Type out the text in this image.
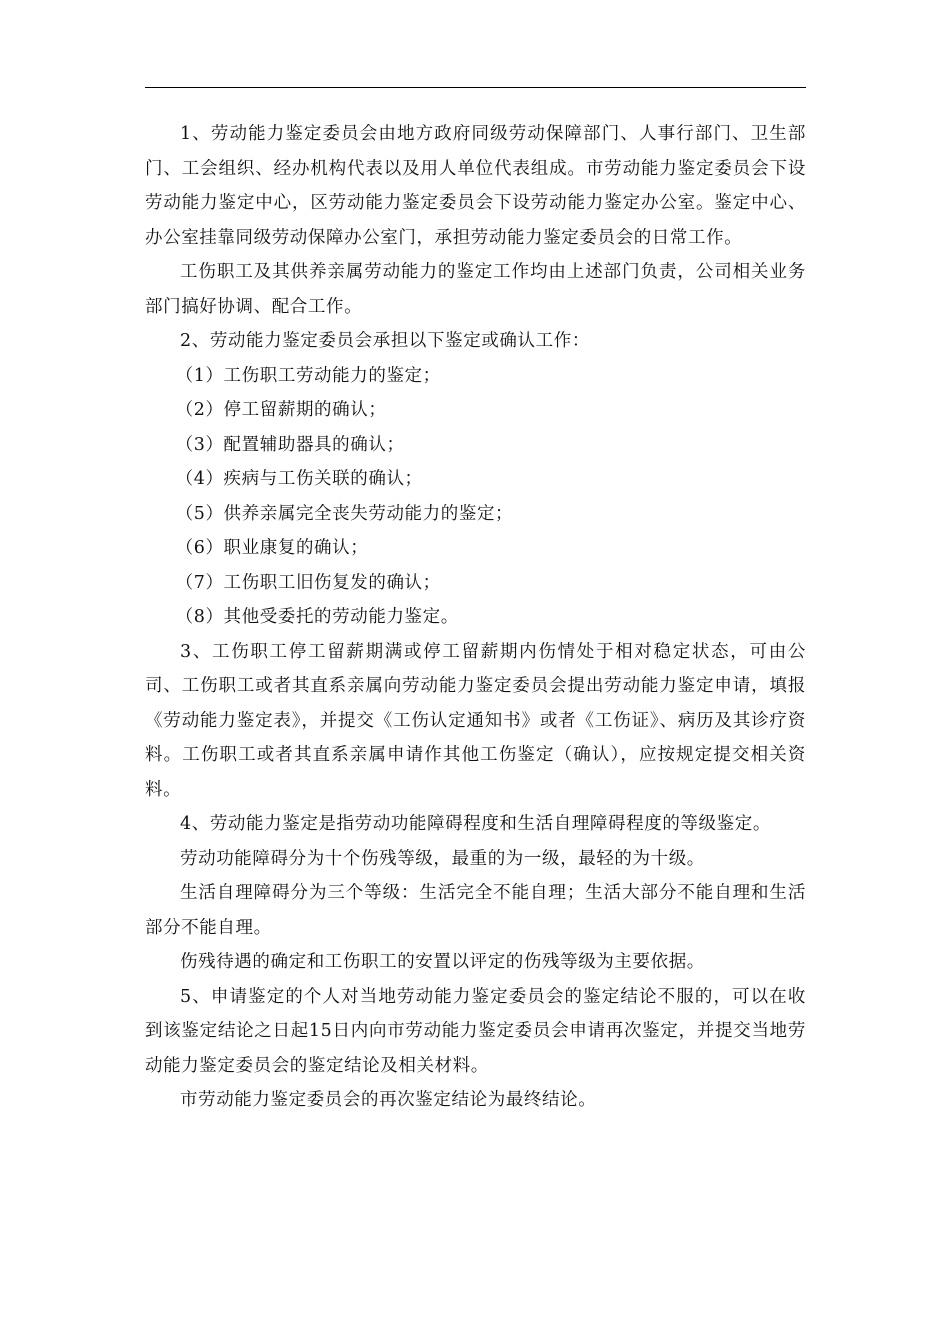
1、劳动能力鉴定委员会由地方政府同级劳动保障部门、人事行部门、卫生部门、工会组织、经办机构代表以及用人单位代表组成。市劳动能力鉴定委员会下设劳动能力鉴定中心，区劳动能力鉴定委员会下设劳动能力鉴定办公室。鉴定中心、办公室挂靠同级劳动保障办公室门，承担劳动能力鉴定委员会的日常工作。

工伤职工及其供养亲属劳动能力的鉴定工作均由上述部门负责，公司相关业务部门搞好协调、配合工作。

2、劳动能力鉴定委员会承担以下鉴定或确认工作：

（1）工伤职工劳动能力的鉴定；

（2）停工留薪期的确认；

（3）配置辅助器具的确认；

（4）疾病与工伤关联的确认；

（5）供养亲属完全丧失劳动能力的鉴定；

（6）职业康复的确认；

（7）工伤职工旧伤复发的确认；

（8）其他受委托的劳动能力鉴定。

3、工伤职工停工留薪期满或停工留薪期内伤情处于相对稳定状态，可由公司、工伤职工或者其直系亲属向劳动能力鉴定委员会提出劳动能力鉴定申请，填报《劳动能力鉴定表》，并提交《工伤认定通知书》或者《工伤证》、病历及其诊疗资料。工伤职工或者其直系亲属申请作其他工伤鉴定（确认），应按规定提交相关资料。

4、劳动能力鉴定是指劳动功能障碍程度和生活自理障碍程度的等级鉴定。

劳动功能障碍分为十个伤残等级，最重的为一级，最轻的为十级。

生活自理障碍分为三个等级：生活完全不能自理；生活大部分不能自理和生活部分不能自理。

伤残待遇的确定和工伤职工的安置以评定的伤残等级为主要依据。

5、申请鉴定的个人对当地劳动能力鉴定委员会的鉴定结论不服的，可以在收到该鉴定结论之日起15日内向市劳动能力鉴定委员会申请再次鉴定，并提交当地劳动能力鉴定委员会的鉴定结论及相关材料。

市劳动能力鉴定委员会的再次鉴定结论为最终结论。
